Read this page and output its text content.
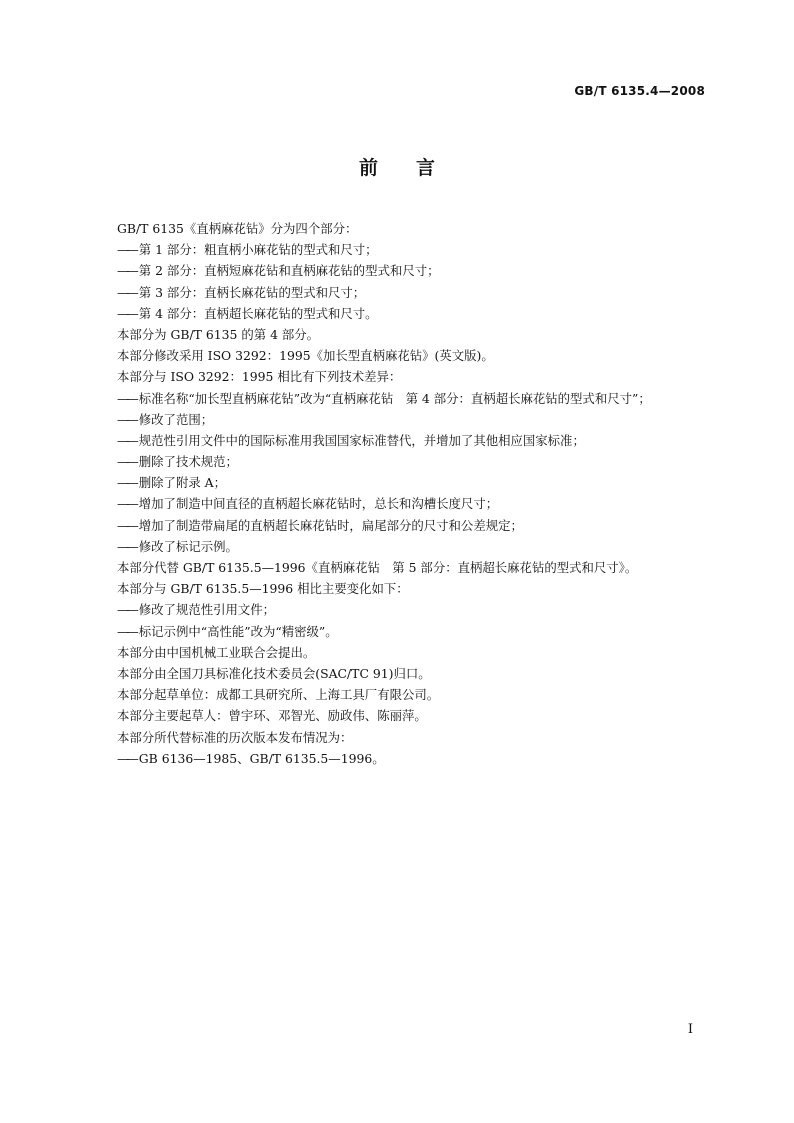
GB/T 6135.4—2008
前 言
GB/T 6135《直柄麻花钻》分为四个部分：
—— 第 1 部分：粗直柄小麻花钻的型式和尺寸；
—— 第 2 部分：直柄短麻花钻和直柄麻花钻的型式和尺寸；
—— 第 3 部分：直柄长麻花钻的型式和尺寸；
—— 第 4 部分：直柄超长麻花钻的型式和尺寸。
本部分为 GB/T 6135 的第 4 部分。
本部分修改采用 ISO 3292：1995《加长型直柄麻花钻》(英文版)。
本部分与 ISO 3292：1995 相比有下列技术差异：
—— 标准名称“加长型直柄麻花钻”改为“直柄麻花钻　第 4 部分：直柄超长麻花钻的型式和尺寸”；
—— 修改了范围；
—— 规范性引用文件中的国际标准用我国国家标准替代，并增加了其他相应国家标准；
—— 删除了技术规范；
—— 删除了附录 A；
—— 增加了制造中间直径的直柄超长麻花钻时，总长和沟槽长度尺寸；
—— 增加了制造带扁尾的直柄超长麻花钻时，扁尾部分的尺寸和公差规定；
—— 修改了标记示例。
本部分代替 GB/T 6135.5—1996《直柄麻花钻　第 5 部分：直柄超长麻花钻的型式和尺寸》。
本部分与 GB/T 6135.5—1996 相比主要变化如下：
—— 修改了规范性引用文件；
—— 标记示例中“高性能”改为“精密级”。
本部分由中国机械工业联合会提出。
本部分由全国刀具标准化技术委员会(SAC/TC 91)归口。
本部分起草单位：成都工具研究所、上海工具厂有限公司。
本部分主要起草人：曾宇环、邓智光、励政伟、陈丽萍。
本部分所代替标准的历次版本发布情况为：
—— GB 6136—1985、GB/T 6135.5—1996。
I
